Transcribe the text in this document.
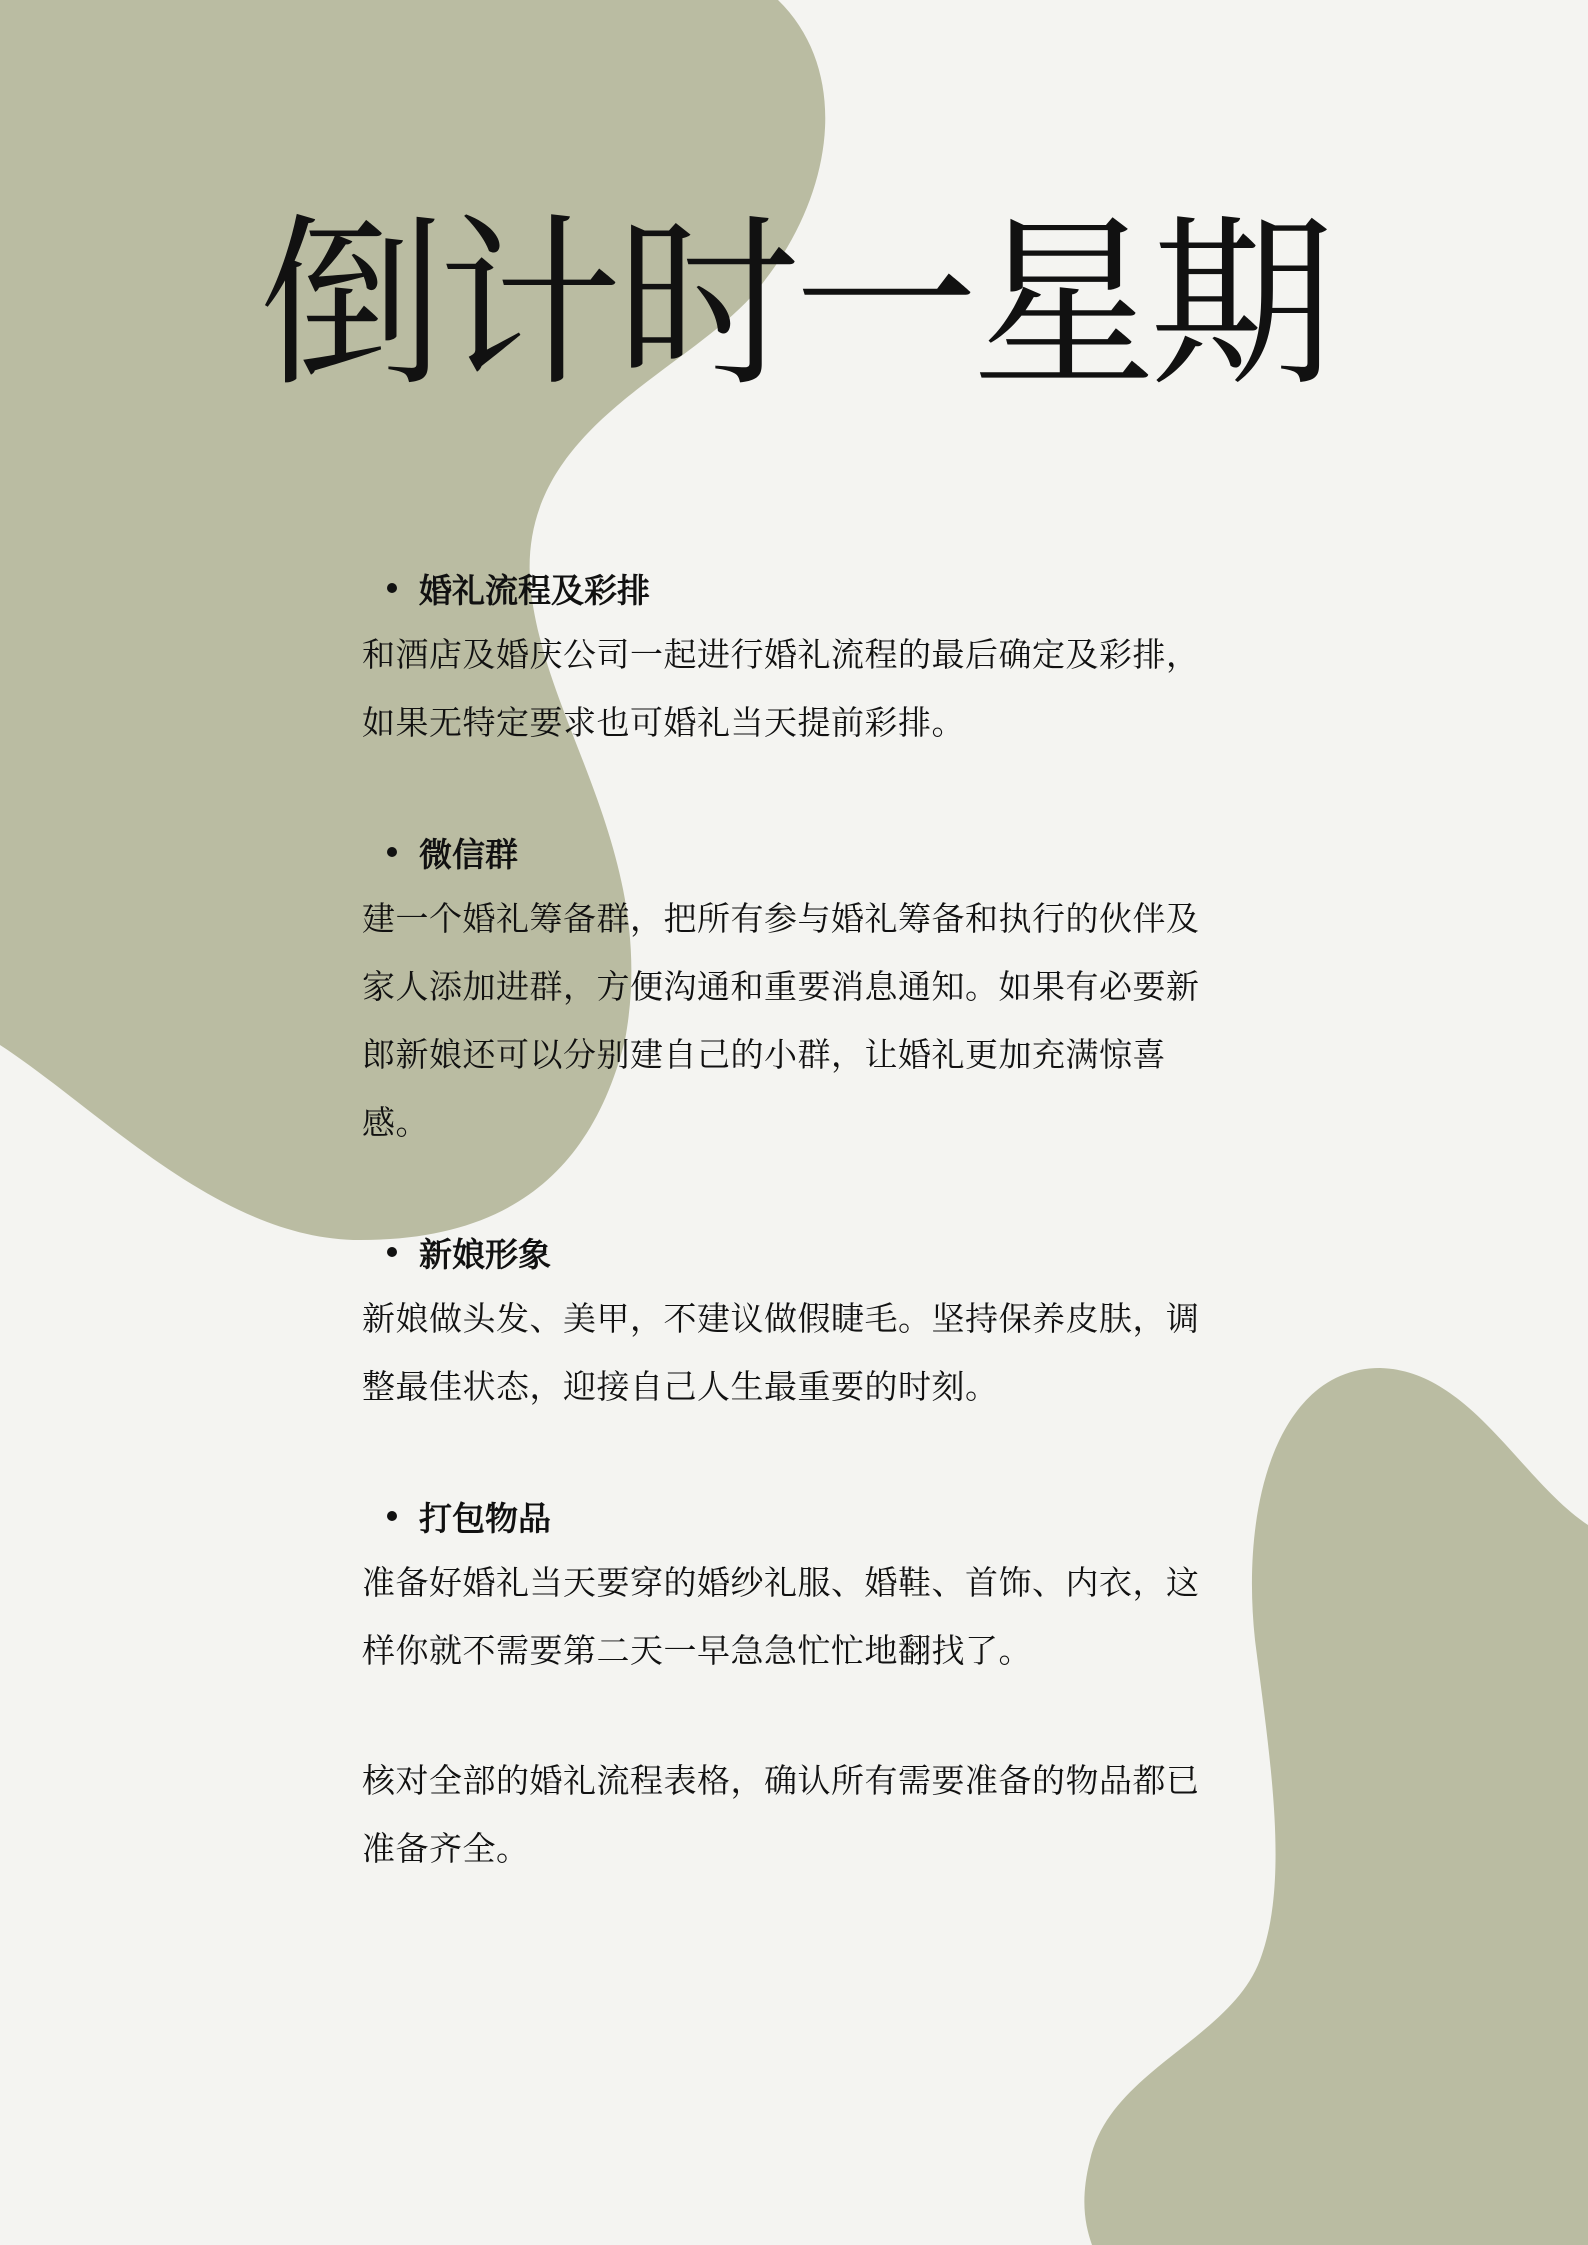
倒计时一星期
婚礼流程及彩排

和酒店及婚庆公司一起进行婚礼流程的最后确定及彩排，如果无特定要求也可婚礼当天提前彩排。

微信群

建一个婚礼筹备群，把所有参与婚礼筹备和执行的伙伴及家人添加进群，方便沟通和重要消息通知。如果有必要新郎新娘还可以分别建自己的小群，让婚礼更加充满惊喜感。

新娘形象

新娘做头发、美甲，不建议做假睫毛。坚持保养皮肤，调整最佳状态，迎接自己人生最重要的时刻。

打包物品

准备好婚礼当天要穿的婚纱礼服、婚鞋、首饰、内衣，这样你就不需要第二天一早急急忙忙地翻找了。

核对全部的婚礼流程表格，确认所有需要准备的物品都已准备齐全。
